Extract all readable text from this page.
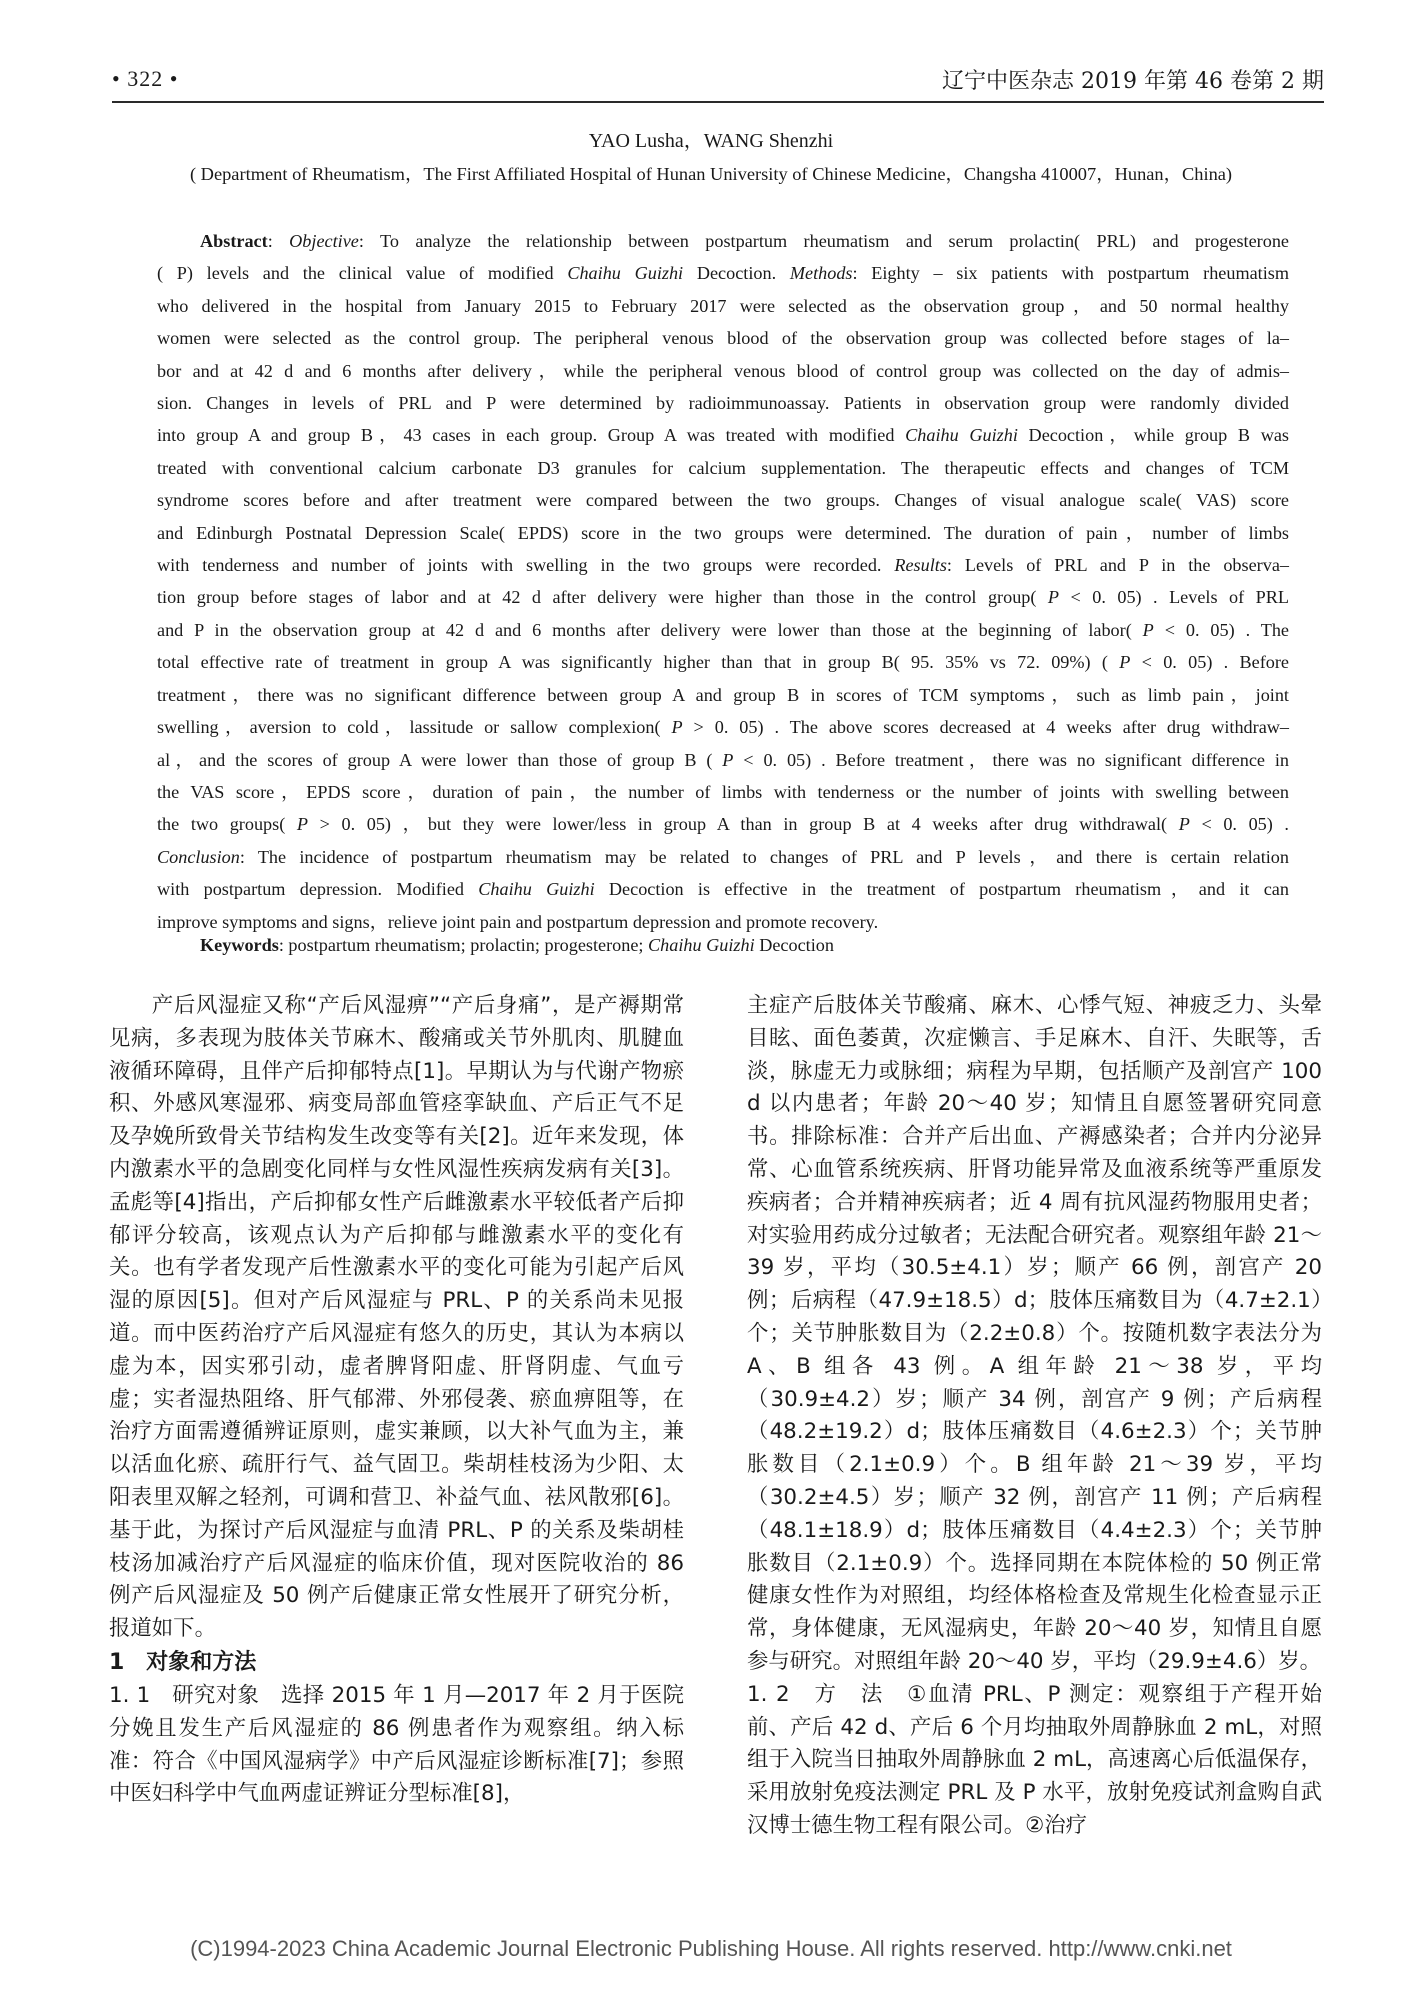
• 322 •	辽宁中医杂志 2019 年第 46 卷第 2 期
YAO Lusha，WANG Shenzhi
( Department of Rheumatism，The First Affiliated Hospital of Hunan University of Chinese Medicine，Changsha 410007，Hunan，China)
Abstract: Objective: To analyze the relationship between postpartum rheumatism and serum prolactin( PRL) and progesterone
( P) levels and the clinical value of modified Chaihu Guizhi Decoction. Methods: Eighty – six patients with postpartum rheumatism
who delivered in the hospital from January 2015 to February 2017 were selected as the observation group，and 50 normal healthy
women were selected as the control group. The peripheral venous blood of the observation group was collected before stages of la–
bor and at 42 d and 6 months after delivery，while the peripheral venous blood of control group was collected on the day of admis–
sion. Changes in levels of PRL and P were determined by radioimmunoassay. Patients in observation group were randomly divided
into group A and group B，43 cases in each group. Group A was treated with modified Chaihu Guizhi Decoction，while group B was
treated with conventional calcium carbonate D3 granules for calcium supplementation. The therapeutic effects and changes of TCM
syndrome scores before and after treatment were compared between the two groups. Changes of visual analogue scale( VAS) score
and Edinburgh Postnatal Depression Scale( EPDS) score in the two groups were determined. The duration of pain，number of limbs
with tenderness and number of joints with swelling in the two groups were recorded. Results: Levels of PRL and P in the observa–
tion group before stages of labor and at 42 d after delivery were higher than those in the control group( P < 0. 05) . Levels of PRL
and P in the observation group at 42 d and 6 months after delivery were lower than those at the beginning of labor( P < 0. 05) . The
total effective rate of treatment in group A was significantly higher than that in group B( 95. 35% vs 72. 09%) ( P < 0. 05) . Before
treatment，there was no significant difference between group A and group B in scores of TCM symptoms，such as limb pain，joint
swelling，aversion to cold，lassitude or sallow complexion( P > 0. 05) . The above scores decreased at 4 weeks after drug withdraw–
al，and the scores of group A were lower than those of group B ( P < 0. 05) . Before treatment，there was no significant difference in
the VAS score，EPDS score，duration of pain，the number of limbs with tenderness or the number of joints with swelling between
the two groups( P > 0. 05) ，but they were lower/less in group A than in group B at 4 weeks after drug withdrawal( P < 0. 05) .
Conclusion: The incidence of postpartum rheumatism may be related to changes of PRL and P levels，and there is certain relation
with postpartum depression. Modified Chaihu Guizhi Decoction is effective in the treatment of postpartum rheumatism，and it can
improve symptoms and signs，relieve joint pain and postpartum depression and promote recovery.
Keywords: postpartum rheumatism; prolactin; progesterone; Chaihu Guizhi Decoction

产后风湿症又称“产后风湿痹”“产后身痛”，是产褥期常见病，多表现为肢体关节麻木、酸痛或关节外肌肉、肌腱血液循环障碍，且伴产后抑郁特点[1]。早期认为与代谢产物瘀积、外感风寒湿邪、病变局部血管痉挛缺血、产后正气不足及孕娩所致骨关节结构发生改变等有关[2]。近年来发现，体内激素水平的急剧变化同样与女性风湿性疾病发病有关[3]。孟彪等[4]指出，产后抑郁女性产后雌激素水平较低者产后抑郁评分较高，该观点认为产后抑郁与雌激素水平的变化有关。也有学者发现产后性激素水平的变化可能为引起产后风湿的原因[5]。但对产后风湿症与 PRL、P 的关系尚未见报道。而中医药治疗产后风湿症有悠久的历史，其认为本病以虚为本，因实邪引动，虚者脾肾阳虚、肝肾阴虚、气血亏虚；实者湿热阻络、肝气郁滞、外邪侵袭、瘀血痹阻等，在治疗方面需遵循辨证原则，虚实兼顾，以大补气血为主，兼以活血化瘀、疏肝行气、益气固卫。柴胡桂枝汤为少阳、太阳表里双解之轻剂，可调和营卫、补益气血、祛风散邪[6]。基于此，为探讨产后风湿症与血清 PRL、P 的关系及柴胡桂枝汤加减治疗产后风湿症的临床价值，现对医院收治的 86 例产后风湿症及 50 例产后健康正常女性展开了研究分析，报道如下。

1　对象和方法

1. 1　研究对象　选择 2015 年 1 月—2017 年 2 月于医院分娩且发生产后风湿症的 86 例患者作为观察组。纳入标准：符合《中国风湿病学》中产后风湿症诊断标准[7]；参照中医妇科学中气血两虚证辨证分型标准[8]，

主症产后肢体关节酸痛、麻木、心悸气短、神疲乏力、头晕目眩、面色萎黄，次症懒言、手足麻木、自汗、失眠等，舌淡，脉虚无力或脉细；病程为早期，包括顺产及剖宫产 100 d 以内患者；年龄 20～40 岁；知情且自愿签署研究同意书。排除标准：合并产后出血、产褥感染者；合并内分泌异常、心血管系统疾病、肝肾功能异常及血液系统等严重原发疾病者；合并精神疾病者；近 4 周有抗风湿药物服用史者；对实验用药成分过敏者；无法配合研究者。观察组年龄 21～39 岁，平均（30.5±4.1）岁；顺产 66 例，剖宫产 20 例；后病程（47.9±18.5）d；肢体压痛数目为（4.7±2.1）个；关节肿胀数目为（2.2±0.8）个。按随机数字表法分为 A、B 组各 43 例。A 组年龄 21～38 岁，平均（30.9±4.2）岁；顺产 34 例，剖宫产 9 例；产后病程（48.2±19.2）d；肢体压痛数目（4.6±2.3）个；关节肿胀数目（2.1±0.9）个。B 组年龄 21～39 岁，平均（30.2±4.5）岁；顺产 32 例，剖宫产 11 例；产后病程（48.1±18.9）d；肢体压痛数目（4.4±2.3）个；关节肿胀数目（2.1±0.9）个。选择同期在本院体检的 50 例正常健康女性作为对照组，均经体格检查及常规生化检查显示正常，身体健康，无风湿病史，年龄 20～40 岁，知情且自愿参与研究。对照组年龄 20～40 岁，平均（29.9±4.6）岁。

1. 2　方　法　①血清 PRL、P 测定：观察组于产程开始前、产后 42 d、产后 6 个月均抽取外周静脉血 2 mL，对照组于入院当日抽取外周静脉血 2 mL，高速离心后低温保存，采用放射免疫法测定 PRL 及 P 水平，放射免疫试剂盒购自武汉博士德生物工程有限公司。②治疗

(C)1994-2023 China Academic Journal Electronic Publishing House. All rights reserved. http://www.cnki.net
